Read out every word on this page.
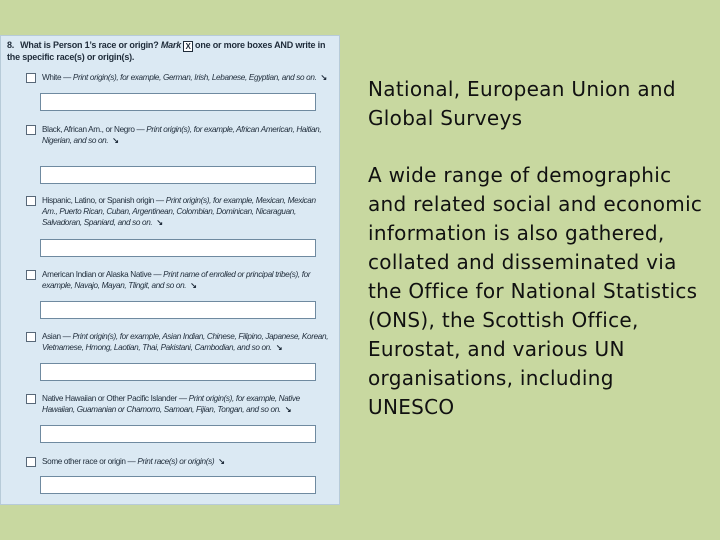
8. What is Person 1’s race or origin? Mark X one or more boxes AND write in the specific race(s) or origin(s).
White — Print origin(s), for example, German, Irish, Lebanese, Egyptian, and so on. ↘
Black, African Am., or Negro — Print origin(s), for example, African American, Haitian, Nigerian, and so on. ↘
Hispanic, Latino, or Spanish origin — Print origin(s), for example, Mexican, Mexican Am., Puerto Rican, Cuban, Argentinean, Colombian, Dominican, Nicaraguan, Salvadoran, Spaniard, and so on. ↘
American Indian or Alaska Native — Print name of enrolled or principal tribe(s), for example, Navajo, Mayan, Tlingit, and so on. ↘
Asian — Print origin(s), for example, Asian Indian, Chinese, Filipino, Japanese, Korean, Vietnamese, Hmong, Laotian, Thai, Pakistani, Cambodian, and so on. ↘
Native Hawaiian or Other Pacific Islander — Print origin(s), for example, Native Hawaiian, Guamanian or Chamorro, Samoan, Fijian, Tongan, and so on. ↘
Some other race or origin — Print race(s) or origin(s) ↘

National, European Union and Global Surveys

A wide range of demographic and related social and economic information is also gathered, collated and disseminated via the Office for National Statistics (ONS), the Scottish Office, Eurostat, and various UN organisations, including UNESCO
